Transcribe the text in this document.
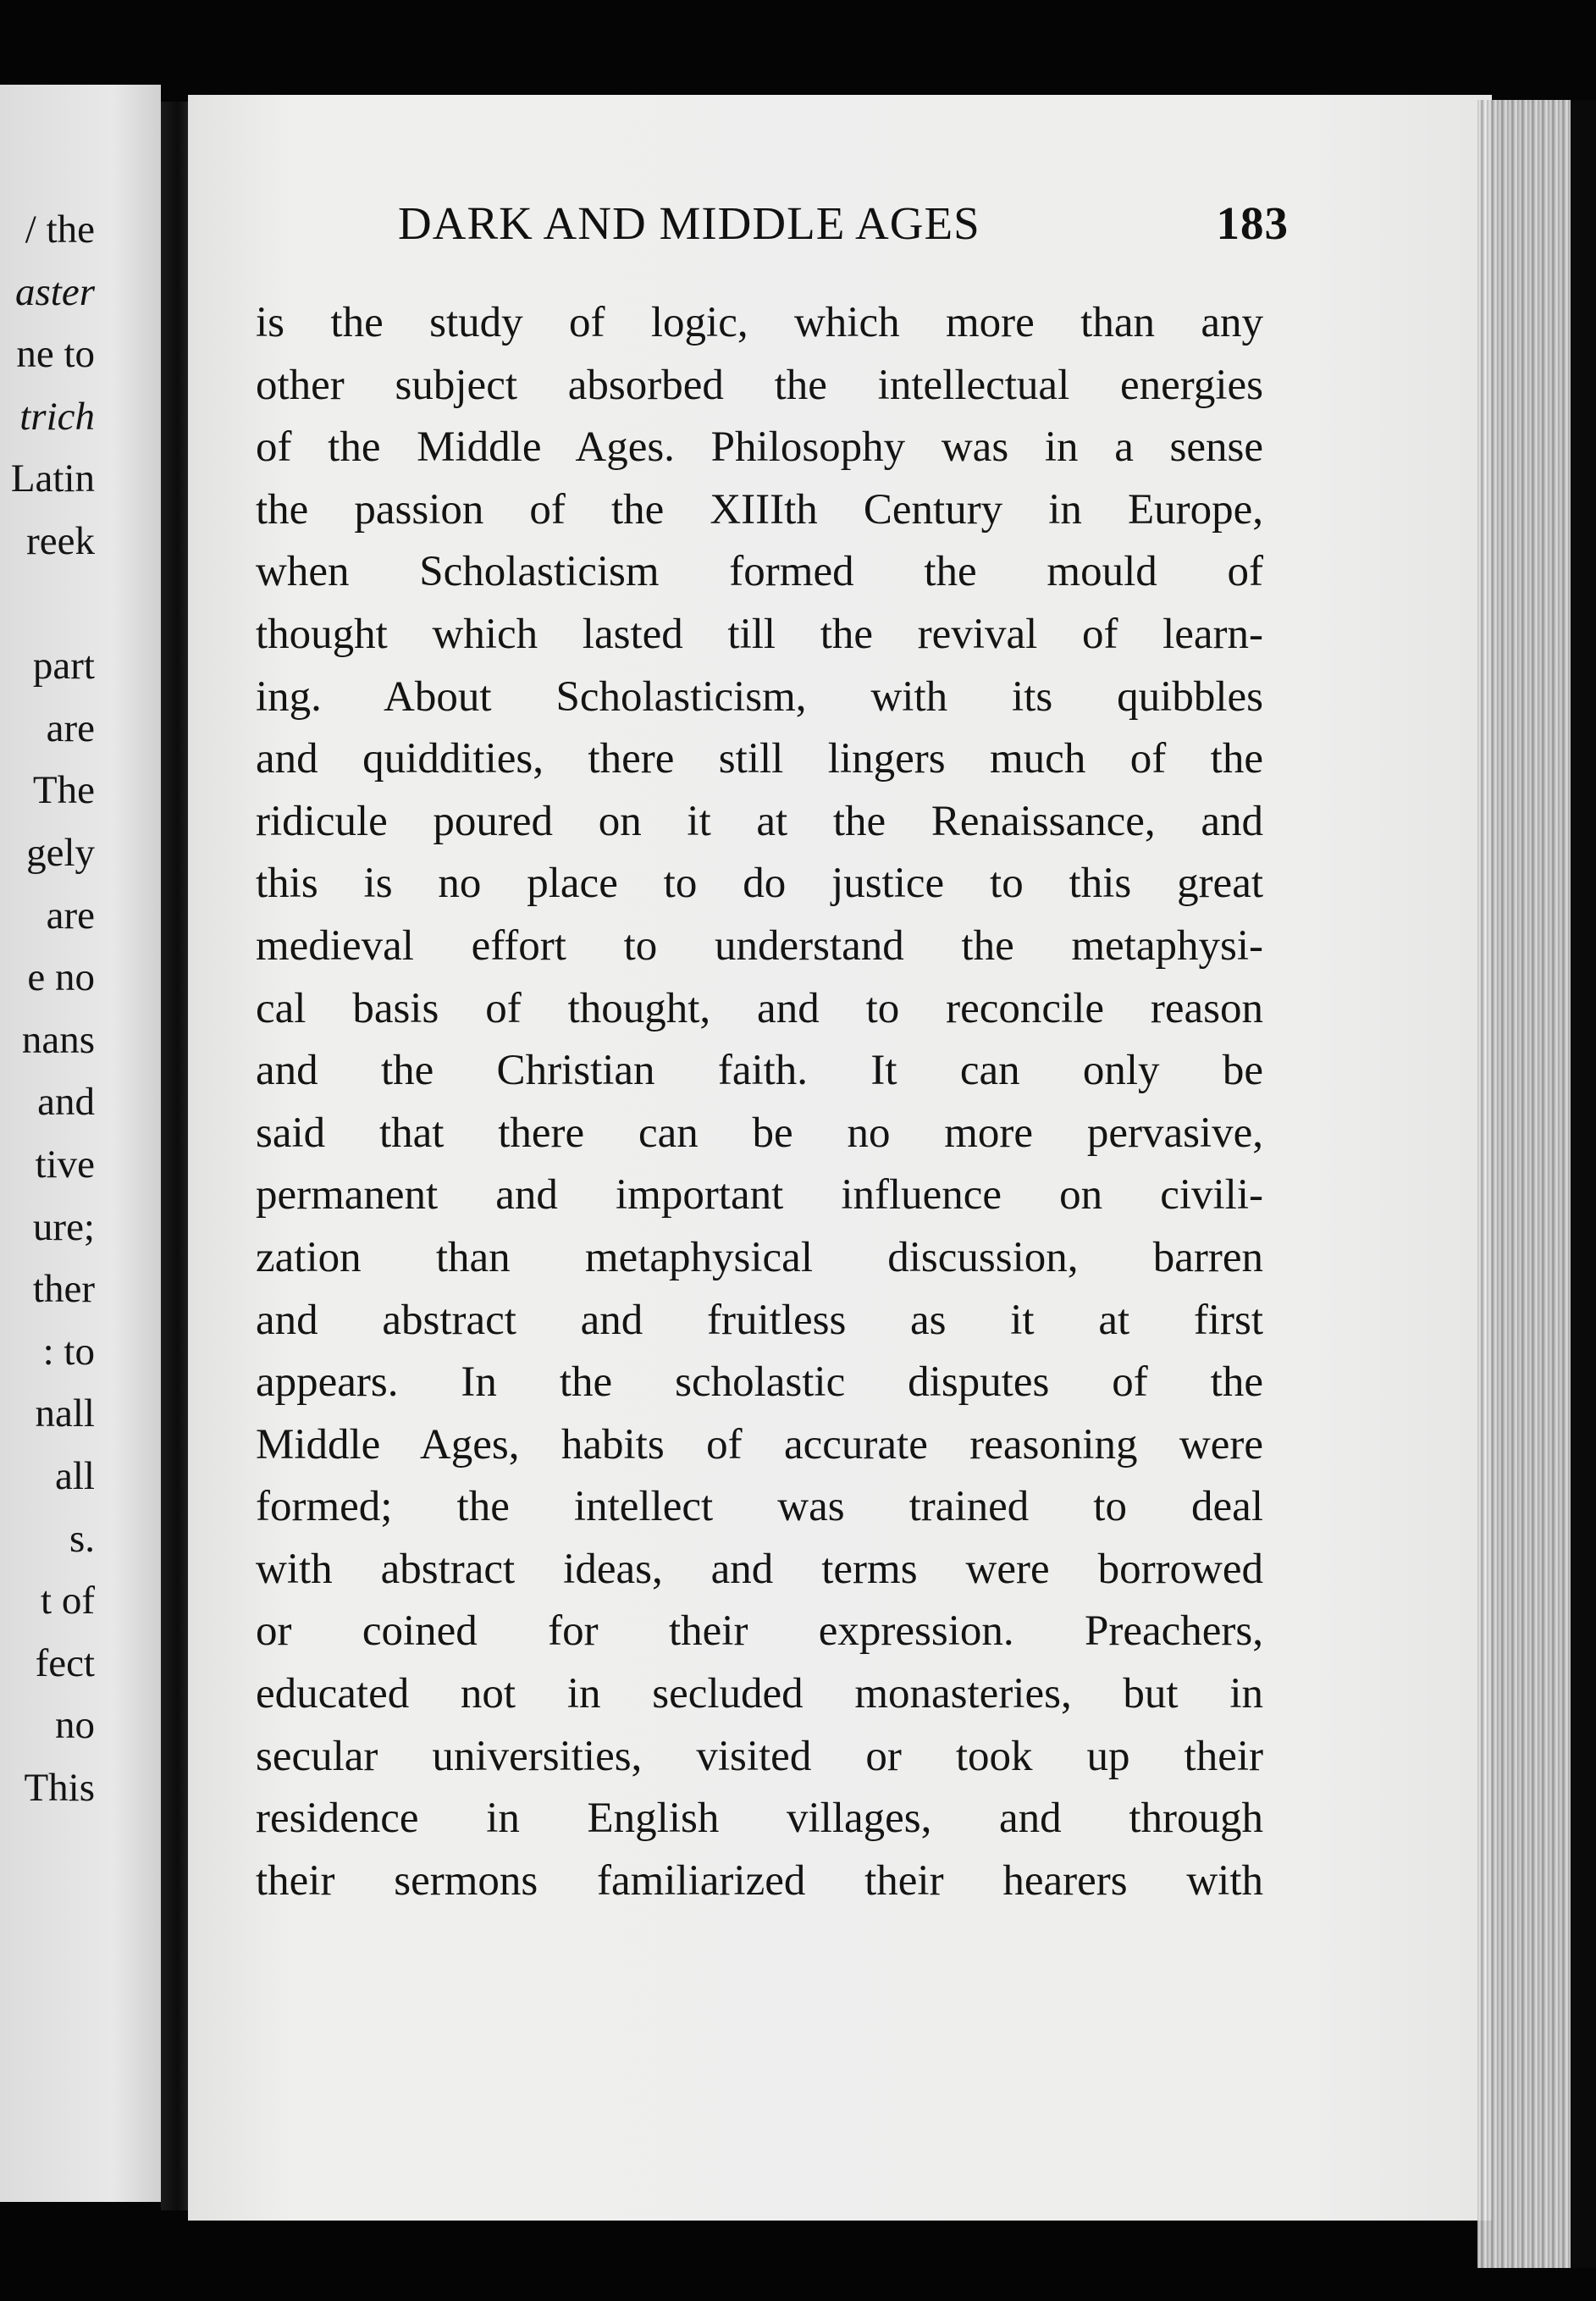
/ the
aster
ne to
trich
Latin
reek
part
are
The
gely
are
e no
nans
and
tive
ure;
ther
: to
nall
all
s.
t of
fect
no
This
DARK AND MIDDLE AGES	183
is the study of logic, which more than any
other subject absorbed the intellectual energies
of the Middle Ages. Philosophy was in a sense
the passion of the XIIIth Century in Europe,
when Scholasticism formed the mould of
thought which lasted till the revival of learn-
ing. About Scholasticism, with its quibbles
and quiddities, there still lingers much of the
ridicule poured on it at the Renaissance, and
this is no place to do justice to this great
medieval effort to understand the metaphysi-
cal basis of thought, and to reconcile reason
and the Christian faith. It can only be
said that there can be no more pervasive,
permanent and important influence on civili-
zation than metaphysical discussion, barren
and abstract and fruitless as it at first
appears. In the scholastic disputes of the
Middle Ages, habits of accurate reasoning were
formed; the intellect was trained to deal
with abstract ideas, and terms were borrowed
or coined for their expression. Preachers,
educated not in secluded monasteries, but in
secular universities, visited or took up their
residence in English villages, and through
their sermons familiarized their hearers with
